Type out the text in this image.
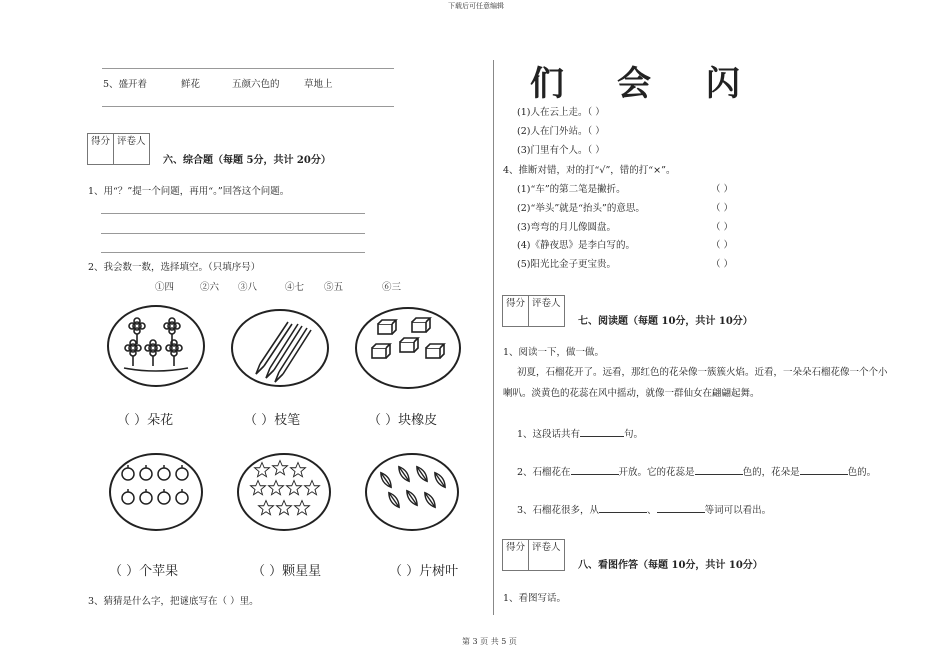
下载后可任意编辑
第 3 页 共 5 页
5、盛开着	鲜花	五颜六色的	草地上
得分 评卷人
六、综合题（每题 5分，共计 20分）
1、用“？”提一个问题，再用“。”回答这个问题。
2、我会数一数，选择填空。（只填序号）
①四	②六 ③八	④七 ⑤五	⑥三
（ ）朵花	（ ）枝笔	（ ）块橡皮
（ ）个苹果	（ ）颗星星	（ ）片树叶
3、猜猜是什么字，把谜底写在（ ）里。
们 会 闪
(1)人在云上走。（ ）
(2)人在门外站。（ ）
(3)门里有个人。（ ）
4、推断对错，对的打“√”，错的打“×”。
(1)“车”的第二笔是撇折。	（ ）
(2)“举头”就是“抬头”的意思。	（ ）
(3)弯弯的月儿像圆盘。	（ ）
(4)《静夜思》是李白写的。	（ ）
(5)阳光比金子更宝贵。	（ ）
得分 评卷人
七、阅读题（每题 10分，共计 10分）
1、阅读一下，做一做。
初夏，石榴花开了。远看，那红色的花朵像一簇簇火焰。近看，一朵朵石榴花像一个个小
喇叭。淡黄色的花蕊在风中摇动，就像一群仙女在翩翩起舞。
1、这段话共有	句。
2、石榴花在	开放。它的花蕊是	色的，花朵是	色的。
3、石榴花很多，从	、	等词可以看出。
得分 评卷人
八、看图作答（每题 10分，共计 10分）
1、看图写话。
